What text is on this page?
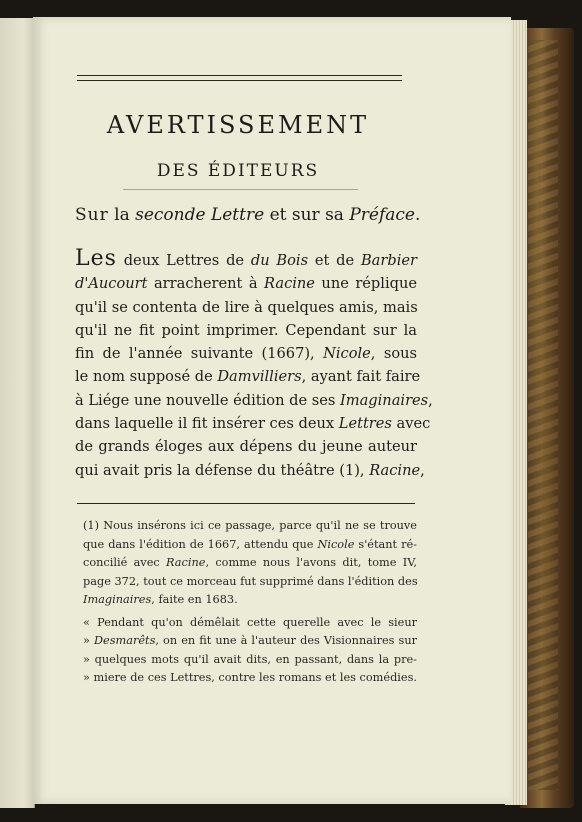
AVERTISSEMENT
DES ÉDITEURS
Sur la seconde Lettre et sur sa Préface.
Les deux Lettres de du Bois et de Barbier
d'Aucourt arracherent à Racine une réplique
qu'il se contenta de lire à quelques amis, mais
qu'il ne fit point imprimer. Cependant sur la
fin de l'année suivante (1667), Nicole, sous
le nom supposé de Damvilliers, ayant fait faire
à Liége une nouvelle édition de ses Imaginaires,
dans laquelle il fit insérer ces deux Lettres avec
de grands éloges aux dépens du jeune auteur
qui avait pris la défense du théâtre (1), Racine,
(1) Nous insérons ici ce passage, parce qu'il ne se trouve
que dans l'édition de 1667, attendu que Nicole s'étant ré-
concilié avec Racine, comme nous l'avons dit, tome IV,
page 372, tout ce morceau fut supprimé dans l'édition des
Imaginaires, faite en 1683.
« Pendant qu'on démêlait cette querelle avec le sieur
» Desmarêts, on en fit une à l'auteur des Visionnaires sur
» quelques mots qu'il avait dits, en passant, dans la pre-
» miere de ces Lettres, contre les romans et les comédies.
